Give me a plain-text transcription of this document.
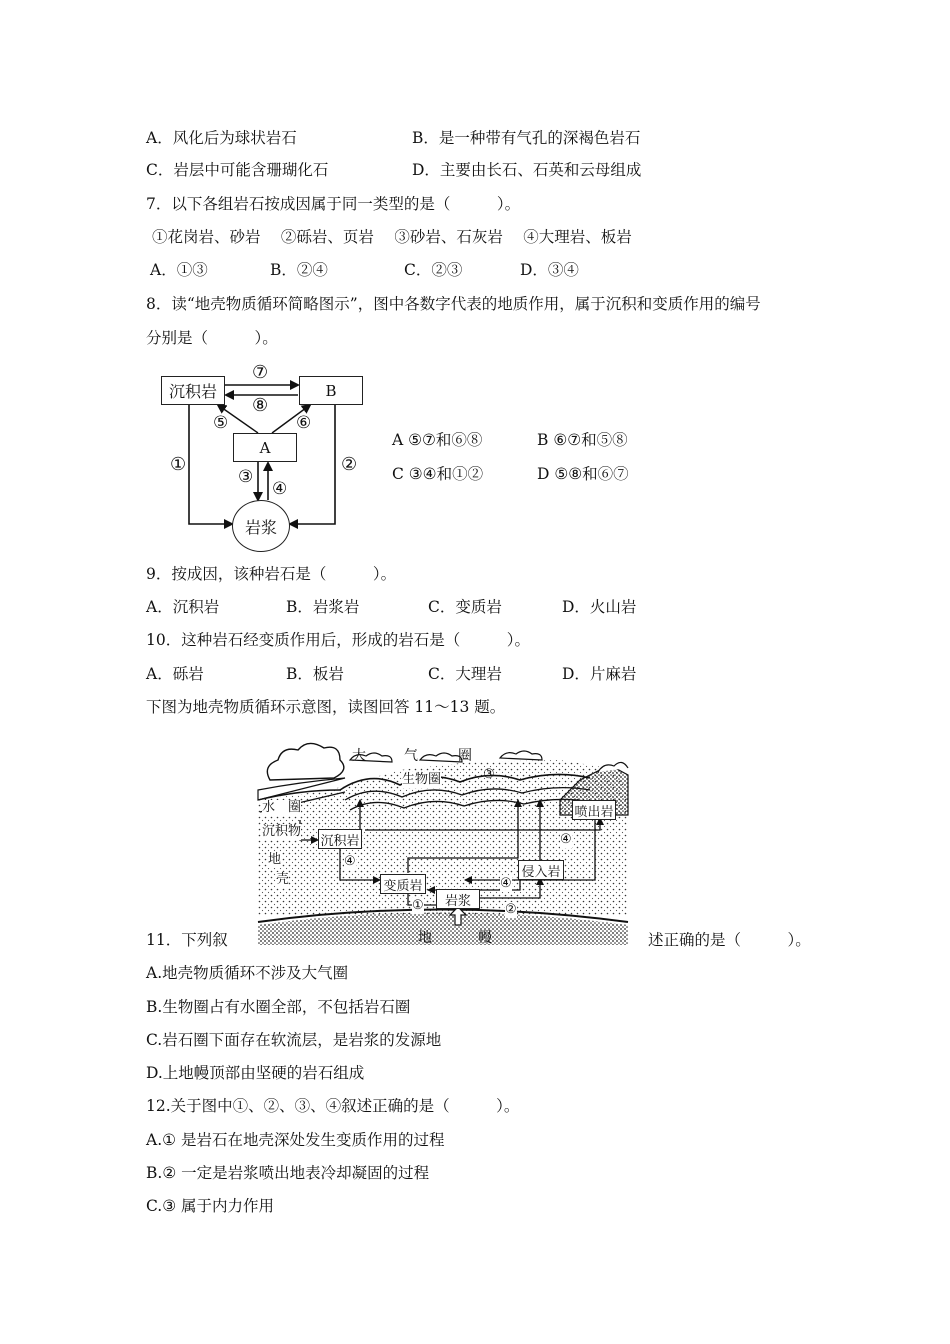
A．风化后为球状岩石	B．是一种带有气孔的深褐色岩石
C．岩层中可能含珊瑚化石	D．主要由长石、石英和云母组成
7．以下各组岩石按成因属于同一类型的是（　　　）。
①花岗岩、砂岩　 ②砾岩、页岩　 ③砂岩、石灰岩　 ④大理岩、板岩
A．①③	B．②④	C．②③	D．③④
8．读“地壳物质循环简略图示”，图中各数字代表的地质作用，属于沉积和变质作用的编号
分别是（　　　）。
沉积岩	B
A
岩浆
⑦
⑧
⑤	⑥
①	②
③
④
A ⑤⑦和⑥⑧	B ⑥⑦和⑤⑧
C ③④和①②	D ⑤⑧和⑥⑦
9．按成因，该种岩石是（　　　）。
A．沉积岩	B．岩浆岩	C．变质岩	D．火山岩
10．这种岩石经变质作用后，形成的岩石是（　　　）。
A．砾岩	B．板岩	C．大理岩	D．片麻岩
下图为地壳物质循环示意图，读图回答 11～13 题。
大	气	圈
生物圈	③
水　圈
沉积物
地
壳
沉积岩
喷出岩
侵入岩
变质岩
岩浆
④
④
④
①	②
地	幔
11．下列叙	述正确的是（　　　）。
A.地壳物质循环不涉及大气圈
B.生物圈占有水圈全部，不包括岩石圈
C.岩石圈下面存在软流层，是岩浆的发源地
D.上地幔顶部由坚硬的岩石组成
12.关于图中①、②、③、④叙述正确的是（　　　）。
A.① 是岩石在地壳深处发生变质作用的过程
B.② 一定是岩浆喷出地表冷却凝固的过程
C.③ 属于内力作用
